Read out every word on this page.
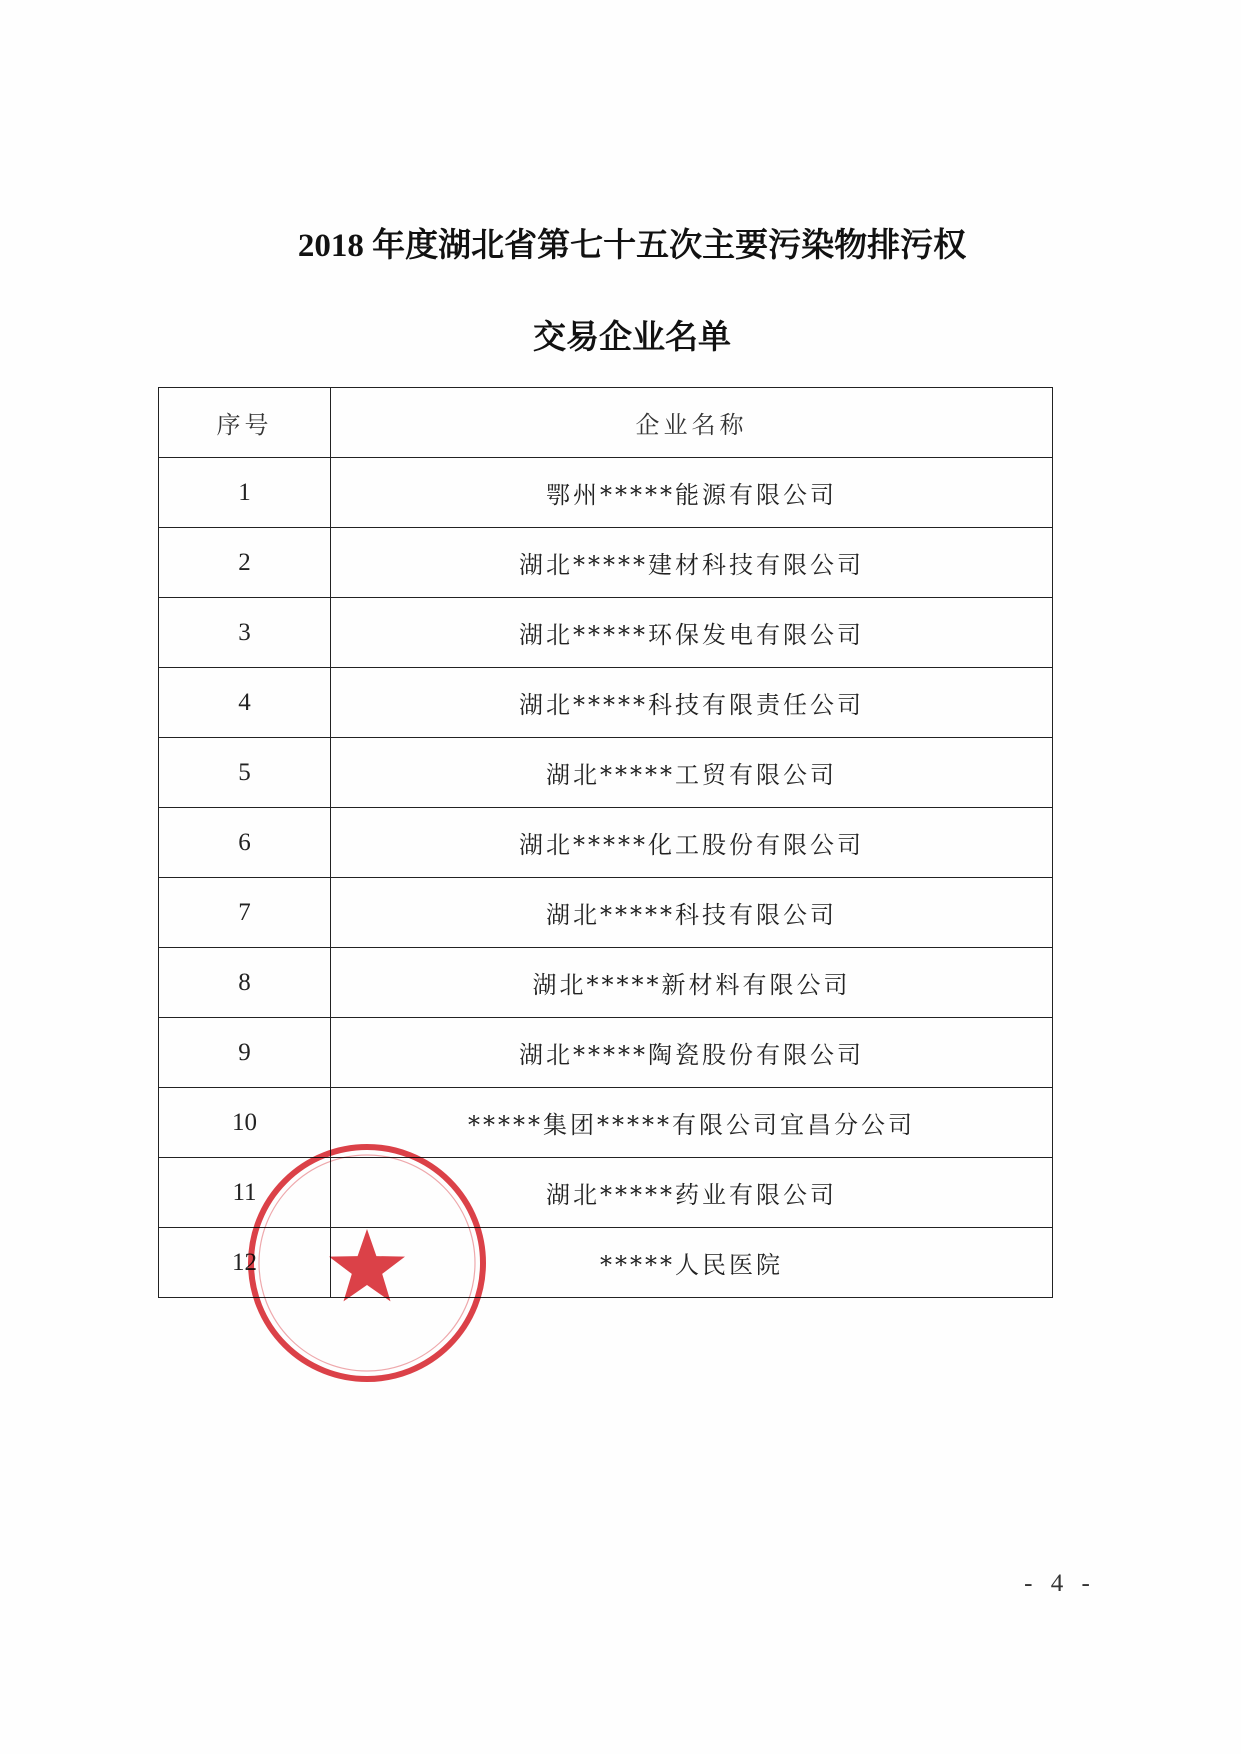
2018 年度湖北省第七十五次主要污染物排污权
交易企业名单
序号	企业名称
1	鄂州*****能源有限公司
2	湖北*****建材科技有限公司
3	湖北*****环保发电有限公司
4	湖北*****科技有限责任公司
5	湖北*****工贸有限公司
6	湖北*****化工股份有限公司
7	湖北*****科技有限公司
8	湖北*****新材料有限公司
9	湖北*****陶瓷股份有限公司
10	*****集团*****有限公司宜昌分公司
11	湖北*****药业有限公司
12	*****人民医院
- 4 -
